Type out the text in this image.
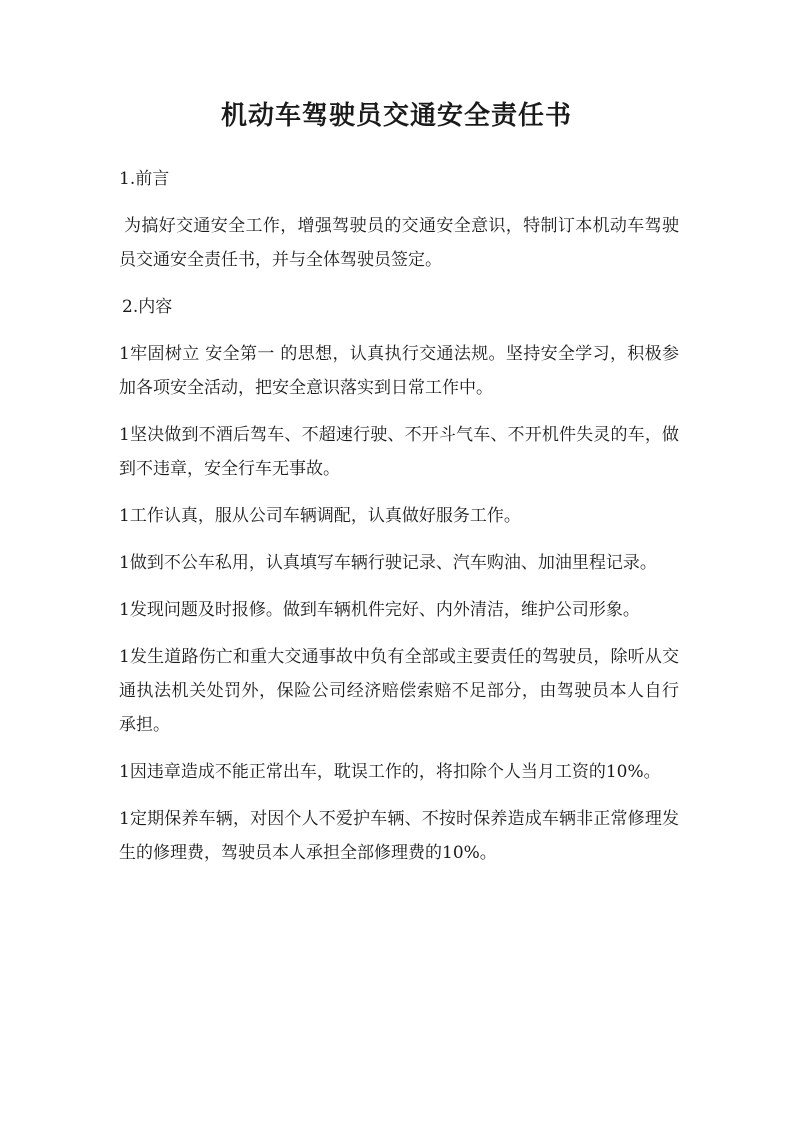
机动车驾驶员交通安全责任书

1.前言

为搞好交通安全工作，增强驾驶员的交通安全意识，特制订本机动车驾驶员交通安全责任书，并与全体驾驶员签定。

2.内容

1牢固树立 安全第一 的思想，认真执行交通法规。坚持安全学习，积极参加各项安全活动，把安全意识落实到日常工作中。

1坚决做到不酒后驾车、不超速行驶、不开斗气车、不开机件失灵的车，做到不违章，安全行车无事故。

1工作认真，服从公司车辆调配，认真做好服务工作。

1做到不公车私用，认真填写车辆行驶记录、汽车购油、加油里程记录。

1发现问题及时报修。做到车辆机件完好、内外清洁，维护公司形象。

1发生道路伤亡和重大交通事故中负有全部或主要责任的驾驶员，除听从交通执法机关处罚外，保险公司经济赔偿索赔不足部分，由驾驶员本人自行承担。

1因违章造成不能正常出车，耽误工作的，将扣除个人当月工资的10%。

1定期保养车辆，对因个人不爱护车辆、不按时保养造成车辆非正常修理发生的修理费，驾驶员本人承担全部修理费的10%。
